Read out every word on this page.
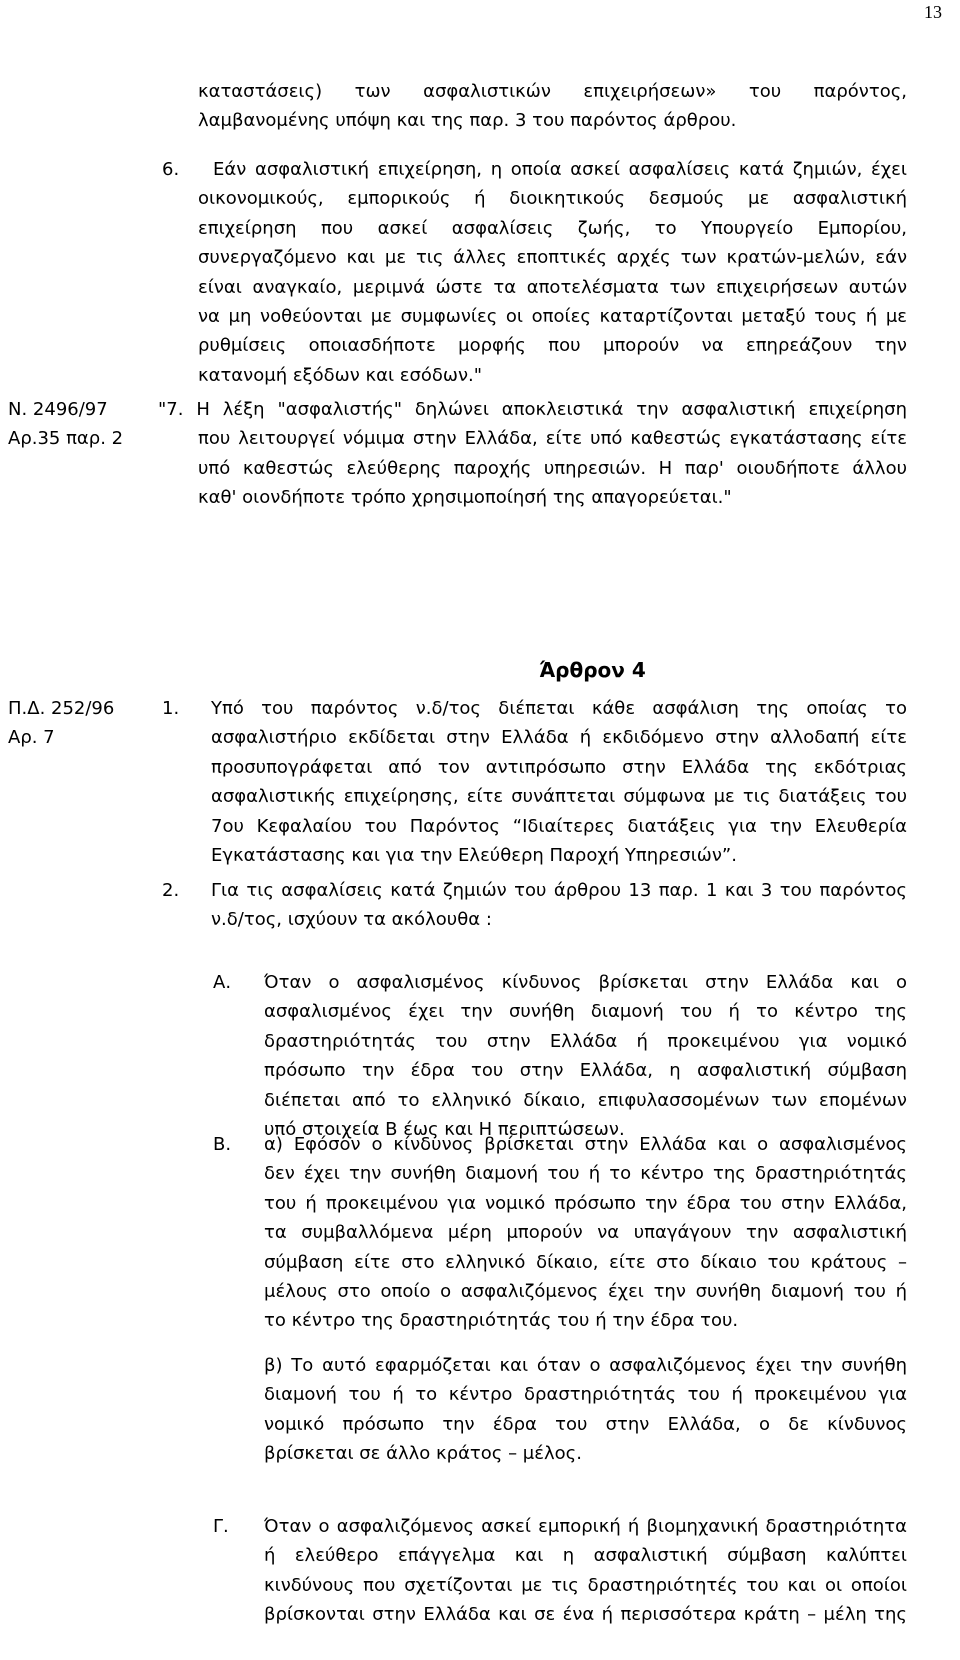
13
καταστάσεις) των ασφαλιστικών επιχειρήσεων» του παρόντος,
λαμβανομένης υπόψη και της παρ. 3 του παρόντος άρθρου.
6. Εάν ασφαλιστική επιχείρηση, η οποία ασκεί ασφαλίσεις κατά ζημιών, έχει
οικονομικούς, εμπορικούς ή διοικητικούς δεσμούς με ασφαλιστική
επιχείρηση που ασκεί ασφαλίσεις ζωής, το Υπουργείο Εμπορίου,
συνεργαζόμενο και με τις άλλες εποπτικές αρχές των κρατών-μελών, εάν
είναι αναγκαίο, μεριμνά ώστε τα αποτελέσματα των επιχειρήσεων αυτών
να μη νοθεύονται με συμφωνίες οι οποίες καταρτίζονται μεταξύ τους ή με
ρυθμίσεις οποιασδήποτε μορφής που μπορούν να επηρεάζουν την
κατανομή εξόδων και εσόδων."
Ν. 2496/97
Αρ.35 παρ. 2
"7. Η λέξη "ασφαλιστής" δηλώνει αποκλειστικά την ασφαλιστική επιχείρηση
που λειτουργεί νόμιμα στην Ελλάδα, είτε υπό καθεστώς εγκατάστασης είτε
υπό καθεστώς ελεύθερης παροχής υπηρεσιών. Η παρ' οιουδήποτε άλλου
καθ' οιονδήποτε τρόπο χρησιμοποίησή της απαγορεύεται."
Άρθρον 4
Π.Δ. 252/96
Αρ. 7
1. Υπό του παρόντος ν.δ/τος διέπεται κάθε ασφάλιση της οποίας το
ασφαλιστήριο εκδίδεται στην Ελλάδα ή εκδιδόμενο στην αλλοδαπή είτε
προσυπογράφεται από τον αντιπρόσωπο στην Ελλάδα της εκδότριας
ασφαλιστικής επιχείρησης, είτε συνάπτεται σύμφωνα με τις διατάξεις του
7ου Κεφαλαίου του Παρόντος “Ιδιαίτερες διατάξεις για την Ελευθερία
Εγκατάστασης και για την Ελεύθερη Παροχή Υπηρεσιών”.
2. Για τις ασφαλίσεις κατά ζημιών του άρθρου 13 παρ. 1 και 3 του παρόντος
ν.δ/τος, ισχύουν τα ακόλουθα :
Α. Όταν ο ασφαλισμένος κίνδυνος βρίσκεται στην Ελλάδα και ο
ασφαλισμένος έχει την συνήθη διαμονή του ή το κέντρο της
δραστηριότητάς του στην Ελλάδα ή προκειμένου για νομικό
πρόσωπο την έδρα του στην Ελλάδα, η ασφαλιστική σύμβαση
διέπεται από το ελληνικό δίκαιο, επιφυλασσομένων των επομένων
υπό στοιχεία Β έως και Η περιπτώσεων.
Β. α) Εφόσον ο κίνδυνος βρίσκεται στην Ελλάδα και ο ασφαλισμένος
δεν έχει την συνήθη διαμονή του ή το κέντρο της δραστηριότητάς
του ή προκειμένου για νομικό πρόσωπο την έδρα του στην Ελλάδα,
τα συμβαλλόμενα μέρη μπορούν να υπαγάγουν την ασφαλιστική
σύμβαση είτε στο ελληνικό δίκαιο, είτε στο δίκαιο του κράτους –
μέλους στο οποίο ο ασφαλιζόμενος έχει την συνήθη διαμονή του ή
το κέντρο της δραστηριότητάς του ή την έδρα του.
β) Το αυτό εφαρμόζεται και όταν ο ασφαλιζόμενος έχει την συνήθη
διαμονή του ή το κέντρο δραστηριότητάς του ή προκειμένου για
νομικό πρόσωπο την έδρα του στην Ελλάδα, ο δε κίνδυνος
βρίσκεται σε άλλο κράτος – μέλος.
Γ. Όταν ο ασφαλιζόμενος ασκεί εμπορική ή βιομηχανική δραστηριότητα
ή ελεύθερο επάγγελμα και η ασφαλιστική σύμβαση καλύπτει
κινδύνους που σχετίζονται με τις δραστηριότητές του και οι οποίοι
βρίσκονται στην Ελλάδα και σε ένα ή περισσότερα κράτη – μέλη της
